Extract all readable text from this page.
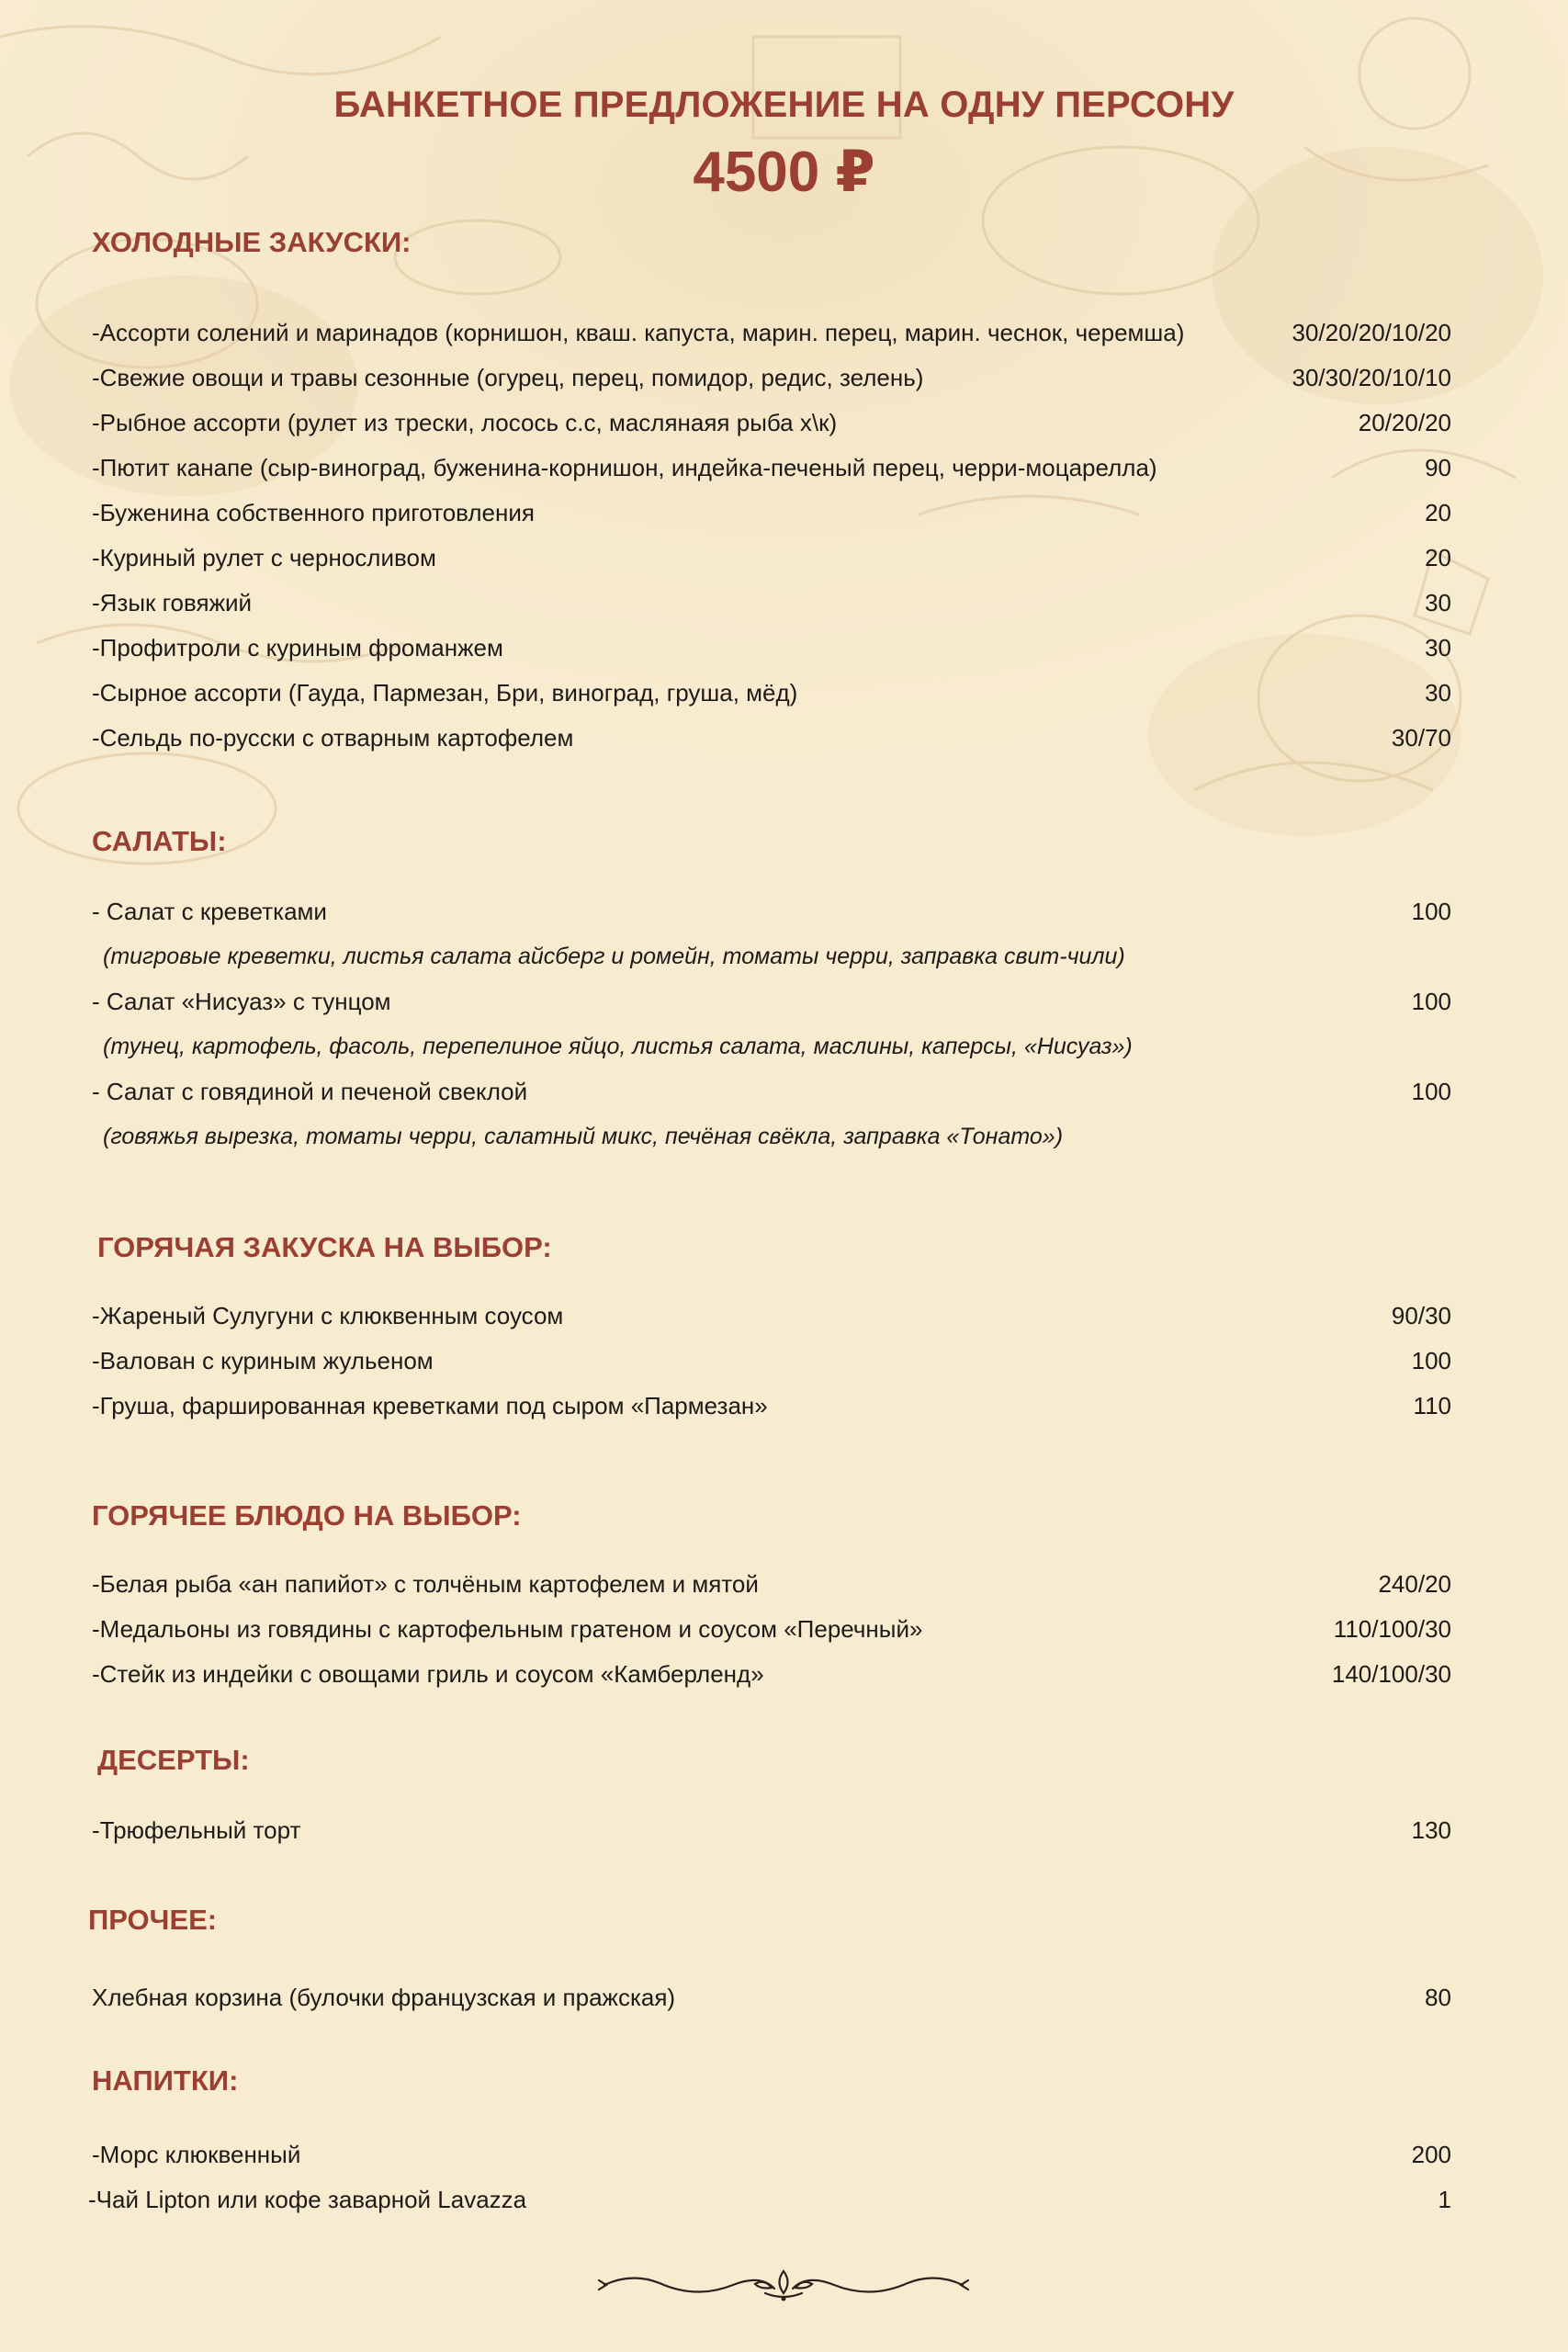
БАНКЕТНОЕ ПРЕДЛОЖЕНИЕ НА ОДНУ ПЕРСОНУ
4500 ₽
ХОЛОДНЫЕ ЗАКУСКИ:
-Ассорти солений и маринадов (корнишон, кваш. капуста, марин. перец, марин. чеснок, черемша)	30/20/20/10/20
-Свежие овощи и травы сезонные (огурец, перец, помидор, редис, зелень)	30/30/20/10/10
-Рыбное ассорти (рулет из трески, лосось с.с, маслянаяя рыба х\к)	20/20/20
-Пютит канапе (сыр-виноград, буженина-корнишон, индейка-печеный перец, черри-моцарелла)	90
-Буженина собственного приготовления	20
-Куриный рулет с черносливом	20
-Язык говяжий	30
-Профитроли с куриным фроманжем	30
-Сырное ассорти (Гауда, Пармезан, Бри, виноград, груша, мёд)	30
-Сельдь по-русски с отварным картофелем	30/70
САЛАТЫ:
- Салат с креветками	100
(тигровые креветки, листья салата айсберг и ромейн, томаты черри, заправка свит-чили)
- Салат «Нисуаз» с тунцом	100
(тунец, картофель, фасоль, перепелиное яйцо, листья салата, маслины, каперсы, «Нисуаз»)
- Салат с говядиной и печеной свеклой	100
(говяжья вырезка, томаты черри, салатный микс, печёная свёкла, заправка «Тонато»)
ГОРЯЧАЯ ЗАКУСКА НА ВЫБОР:
-Жареный Сулугуни с клюквенным соусом	90/30
-Валован с куриным жульеном	100
-Груша, фаршированная креветками под сыром «Пармезан»	110
ГОРЯЧЕЕ БЛЮДО НА ВЫБОР:
-Белая рыба «ан папийот» с толчёным картофелем и мятой	240/20
-Медальоны из говядины с картофельным гратеном и соусом «Перечный»	110/100/30
-Стейк из индейки с овощами гриль и соусом «Камберленд»	140/100/30
ДЕСЕРТЫ:
-Трюфельный торт	130
ПРОЧЕЕ:
Хлебная корзина (булочки французская и пражская)	80
НАПИТКИ:
-Морс клюквенный	200
-Чай Lipton или кофе заварной Lavazza	1
